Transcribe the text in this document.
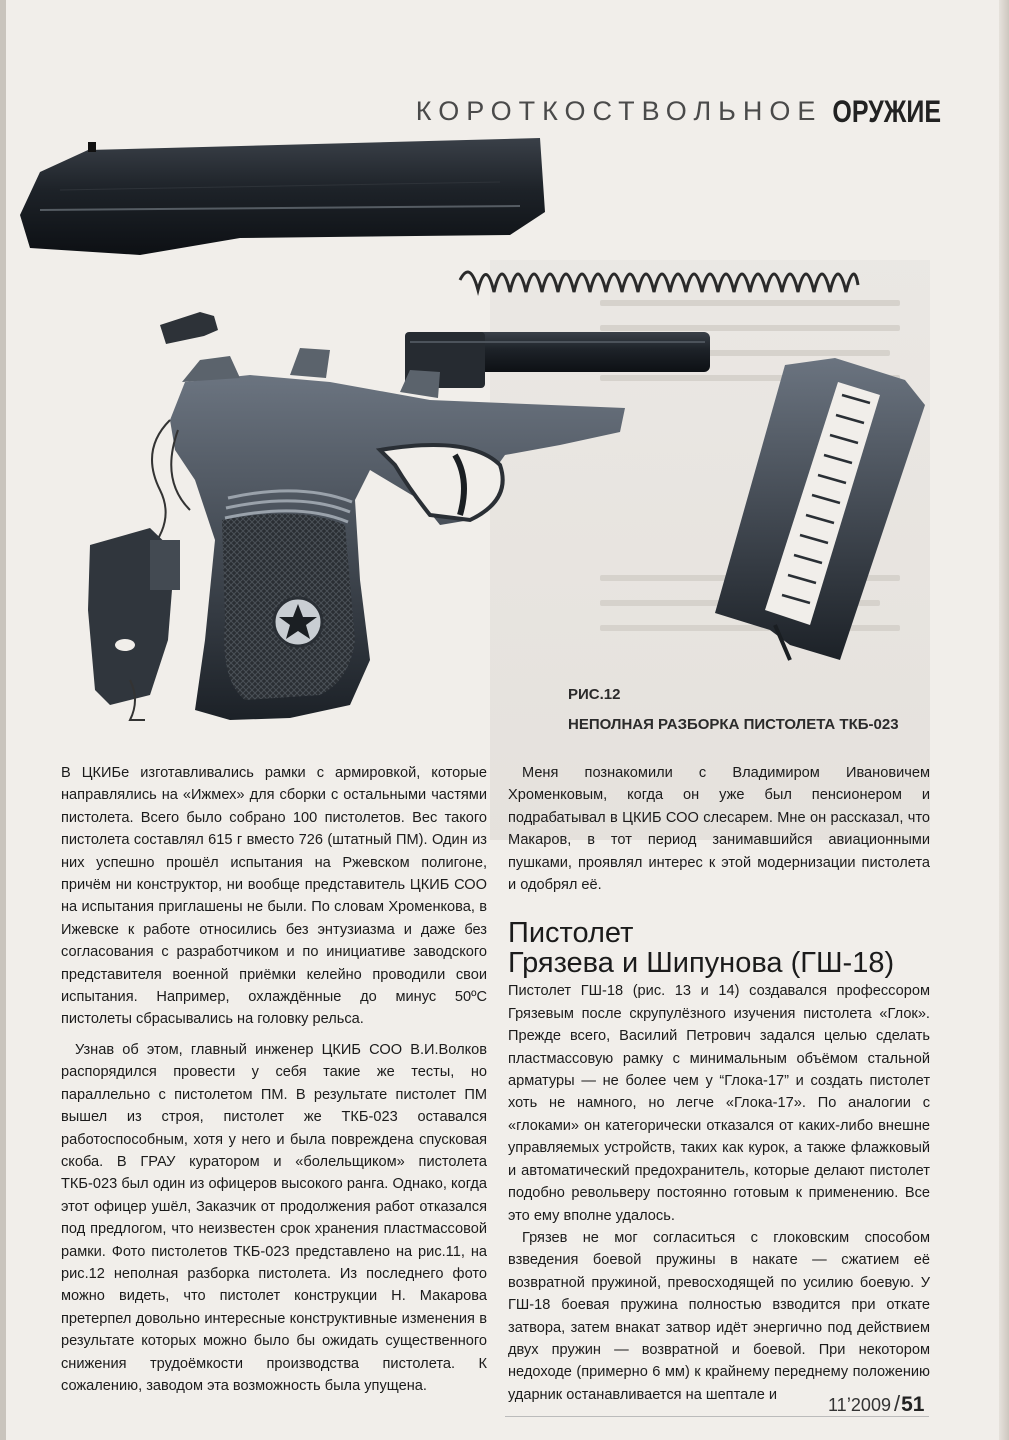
КОРОТКОСТВОЛЬНОЕ ОРУЖИЕ
РИС.12
НЕПОЛНАЯ РАЗБОРКА ПИСТОЛЕТА ТКБ-023

В ЦКИБе изготавливались рамки с армировкой, которые направлялись на «Ижмех» для сборки с остальными частями пистолета. Всего было собрано 100 пистолетов. Вес такого пистолета составлял 615 г вместо 726 (штатный ПМ). Один из них успешно прошёл испытания на Ржевском полигоне, причём ни конструктор, ни вообще представитель ЦКИБ СОО на испытания приглашены не были. По словам Хроменкова, в Ижевске к работе относились без энтузиазма и даже без согласования с разработчиком и по инициативе заводского представителя военной приёмки келейно проводили свои испытания. Например, охлаждённые до минус 50ºС пистолеты сбрасывались на головку рельса.

Узнав об этом, главный инженер ЦКИБ СОО В.И.Волков распорядился провести у себя такие же тесты, но параллельно с пистолетом ПМ. В результате пистолет ПМ вышел из строя, пистолет же ТКБ-023 оставался работоспособным, хотя у него и была повреждена спусковая скоба. В ГРАУ куратором и «болельщиком» пистолета ТКБ-023 был один из офицеров высокого ранга. Однако, когда этот офицер ушёл, Заказчик от продолжения работ отказался под предлогом, что неизвестен срок хранения пластмассовой рамки. Фото пистолетов ТКБ-023 представлено на рис.11, на рис.12 неполная разборка пистолета. Из последнего фото можно видеть, что пистолет конструкции Н. Макарова претерпел довольно интересные конструктивные изменения в результате которых можно было бы ожидать существенного снижения трудоёмкости производства пистолета. К сожалению, заводом эта возможность была упущена.

Меня познакомили с Владимиром Ивановичем Хроменковым, когда он уже был пенсионером и подрабатывал в ЦКИБ СОО слесарем. Мне он рассказал, что Макаров, в тот период занимавшийся авиационными пушками, проявлял интерес к этой модернизации пистолета и одобрял её.

Пистолет
Грязева и Шипунова (ГШ-18)

Пистолет ГШ-18 (рис. 13 и 14) создавался профессором Грязевым после скрупулёзного изучения пистолета «Глок». Прежде всего, Василий Петрович задался целью сделать пластмассовую рамку с минимальным объёмом стальной арматуры — не более чем у “Глока-17” и создать пистолет хоть не намного, но легче «Глока-17». По аналогии с «глоками» он категорически отказался от каких-либо внешне управляемых устройств, таких как курок, а также флажковый и автоматический предохранитель, которые делают пистолет подобно револьверу постоянно готовым к применению. Все это ему вполне удалось.

Грязев не мог согласиться с глоковским способом взведения боевой пружины в накате — сжатием её возвратной пружиной, превосходящей по усилию боевую. У ГШ-18 боевая пружина полностью взводится при откате затвора, затем внакат затвор идёт энергично под действием двух пружин — возвратной и боевой. При некотором недоходе (примерно 6 мм) к крайнему переднему положению ударник останавливается на шептале и

11 ’ 2009 / 51
